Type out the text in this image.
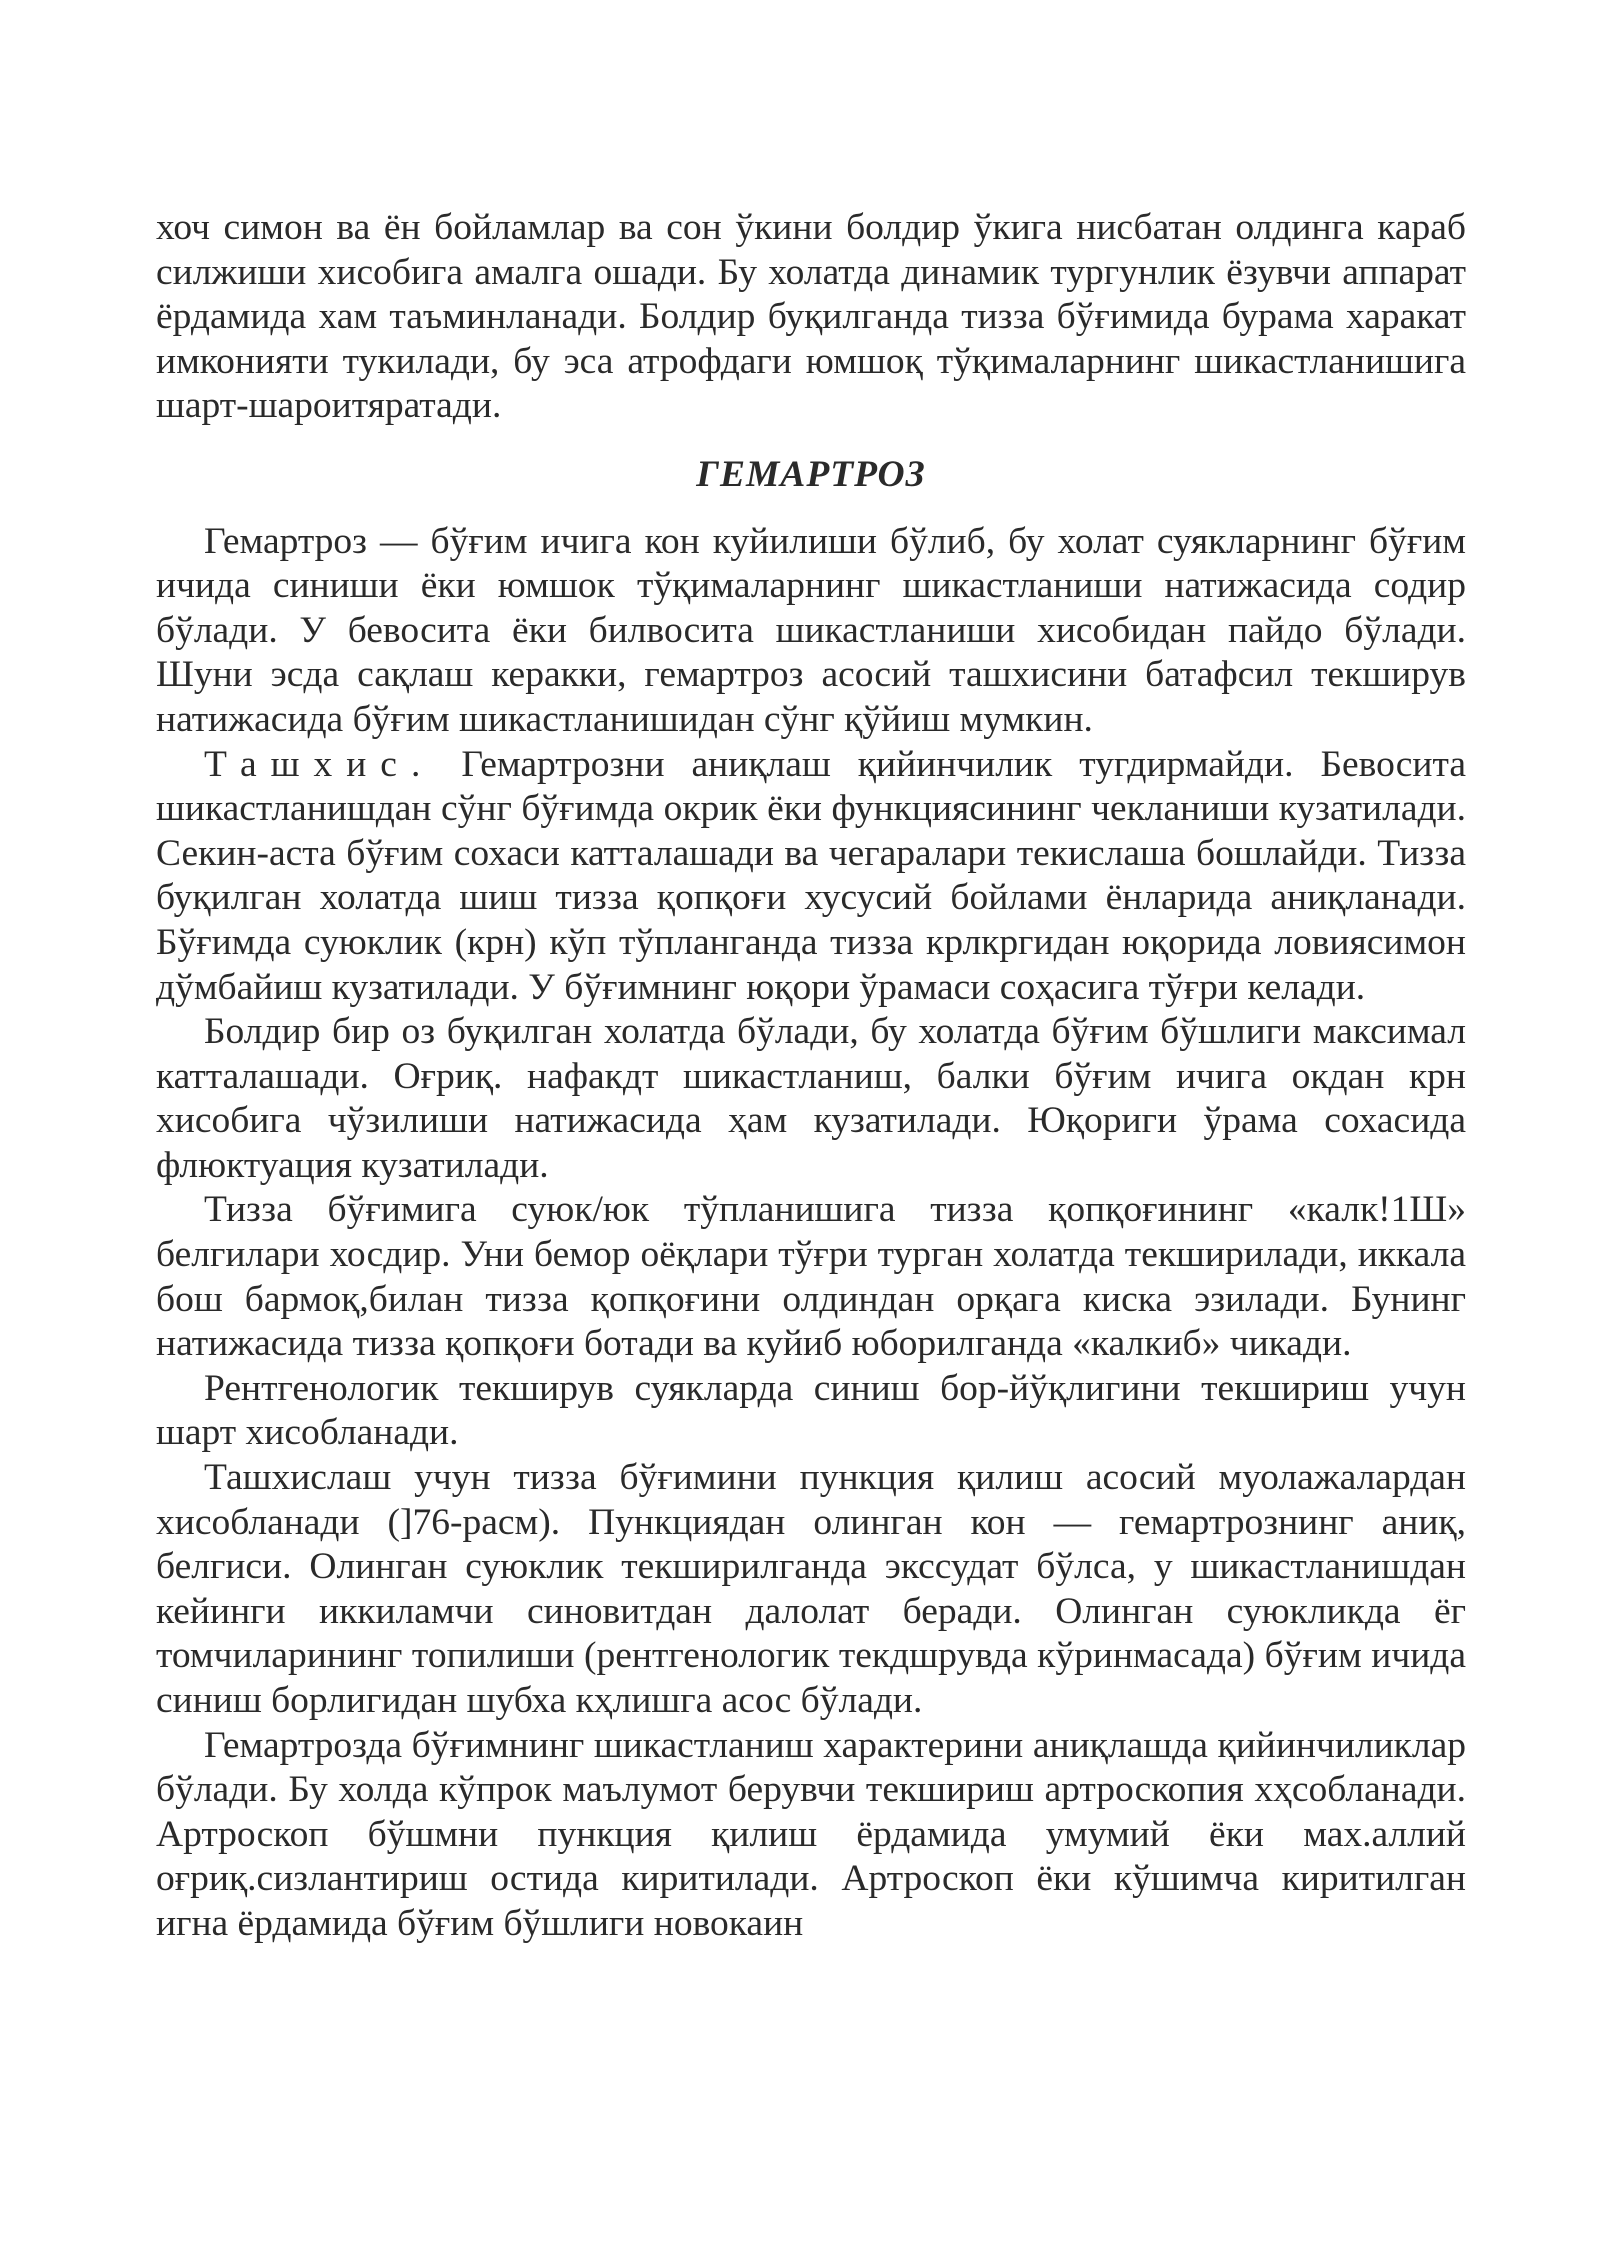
хоч симон ва ён бойламлар ва сон ўкини болдир ўкига нисбатан олдинга караб силжиши хисобига амалга ошади. Бу холатда динамик тургунлик ёзувчи аппарат ёрдамида хам таъминланади. Болдир буқилганда тизза бўғимида бурама харакат имконияти тукилади, бу эса атрофдаги юмшоқ тўқималарнинг шикастланишига шарт-шароитяратади.

ГЕМАРТРОЗ

Гемартроз — бўғим ичига кон куйилиши бўлиб, бу холат суякларнинг бўғим ичида синиши ёки юмшок тўқималарнинг шикастланиши натижасида содир бўлади. У бевосита ёки билвосита шикастланиши хисобидан пайдо бўлади. Шуни эсда сақлаш керакки, гемартроз асосий ташхисини батафсил текширув натижасида бўғим шикастланишидан сўнг қўйиш мумкин.

Ташхис. Гемартрозни аниқлаш қийинчилик тугдирмайди. Бевосита шикастланишдан сўнг бўғимда окрик ёки функциясининг чекланиши кузатилади. Секин-аста бўғим сохаси катталашади ва чегаралари текислаша бошлайди. Тизза буқилган холатда шиш тизза қопқоғи хусусий бойлами ёнларида аниқланади. Бўғимда суюклик (крн) кўп тўпланганда тизза крлкргидан юқорида ловиясимон дўмбайиш кузатилади. У бўғимнинг юқори ўрамаси соҳасига тўғри келади.

Болдир бир оз буқилган холатда бўлади, бу холатда бўғим бўшлиги максимал катталашади. Оғриқ. нафакдт шикастланиш, балки бўғим ичига окдан крн хисобига чўзилиши натижасида ҳам кузатилади. Юқориги ўрама сохасида флюктуация кузатилади.

Тизза бўғимига суюк/юк тўпланишига тизза қопқоғининг «калк!1Ш» белгилари хосдир. Уни бемор оёқлари тўғри турган холатда текширилади, иккала бош бармоқ,билан тизза қопқоғини олдиндан орқага киска эзилади. Бунинг натижасида тизза қопқоғи ботади ва куйиб юборилганда «калкиб» чикади.

Рентгенологик текширув суякларда синиш бор-йўқлигини текшириш учун шарт хисобланади.

Ташхислаш учун тизза бўғимини пункция қилиш асосий муолажалардан хисобланади (]76-расм). Пункциядан олинган кон — гемартрознинг аниқ, белгиси. Олинган суюклик текширилганда экссудат бўлса, у шикастланишдан кейинги иккиламчи синовитдан далолат беради. Олинган суюкликда ёг томчиларининг топилиши (рентгенологик текдшрувда кўринмасада) бўғим ичида синиш борлигидан шубха кҳлишга асос бўлади.

Гемартрозда бўғимнинг шикастланиш характерини аниқлашда қийинчиликлар бўлади. Бу холда кўпрок маълумот берувчи текшириш артроскопия хҳсобланади. Артроскоп бўшмни пункция қилиш ёрдамида умумий ёки мах.аллий оғриқ.сизлантириш остида киритилади. Артроскоп ёки кўшимча киритилган игна ёрдамида бўғим бўшлиги новокаин
